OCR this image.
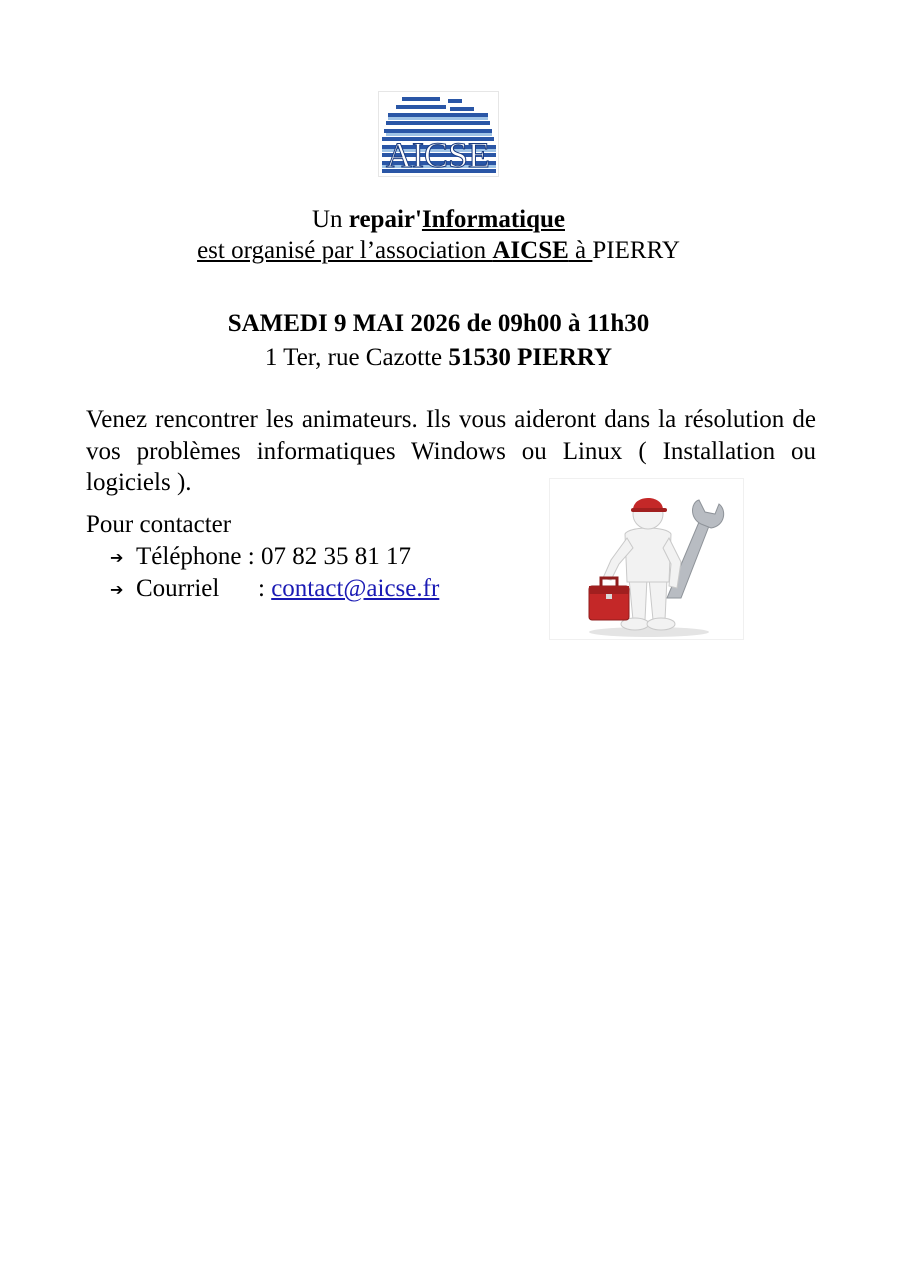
AICSE
Un repair'Informatique
est organisé par l’association AICSE à PIERRY
SAMEDI 9 MAI 2026 de 09h00 à 11h30
1 Ter, rue Cazotte 51530 PIERRY
Venez rencontrer les animateurs. Ils vous aideront dans la résolution de vos problèmes informatiques Windows ou Linux ( Installation ou logiciels ).
Pour contacter
➔ Téléphone : 07 82 35 81 17
➔ Courriel : contact@aicse.fr
